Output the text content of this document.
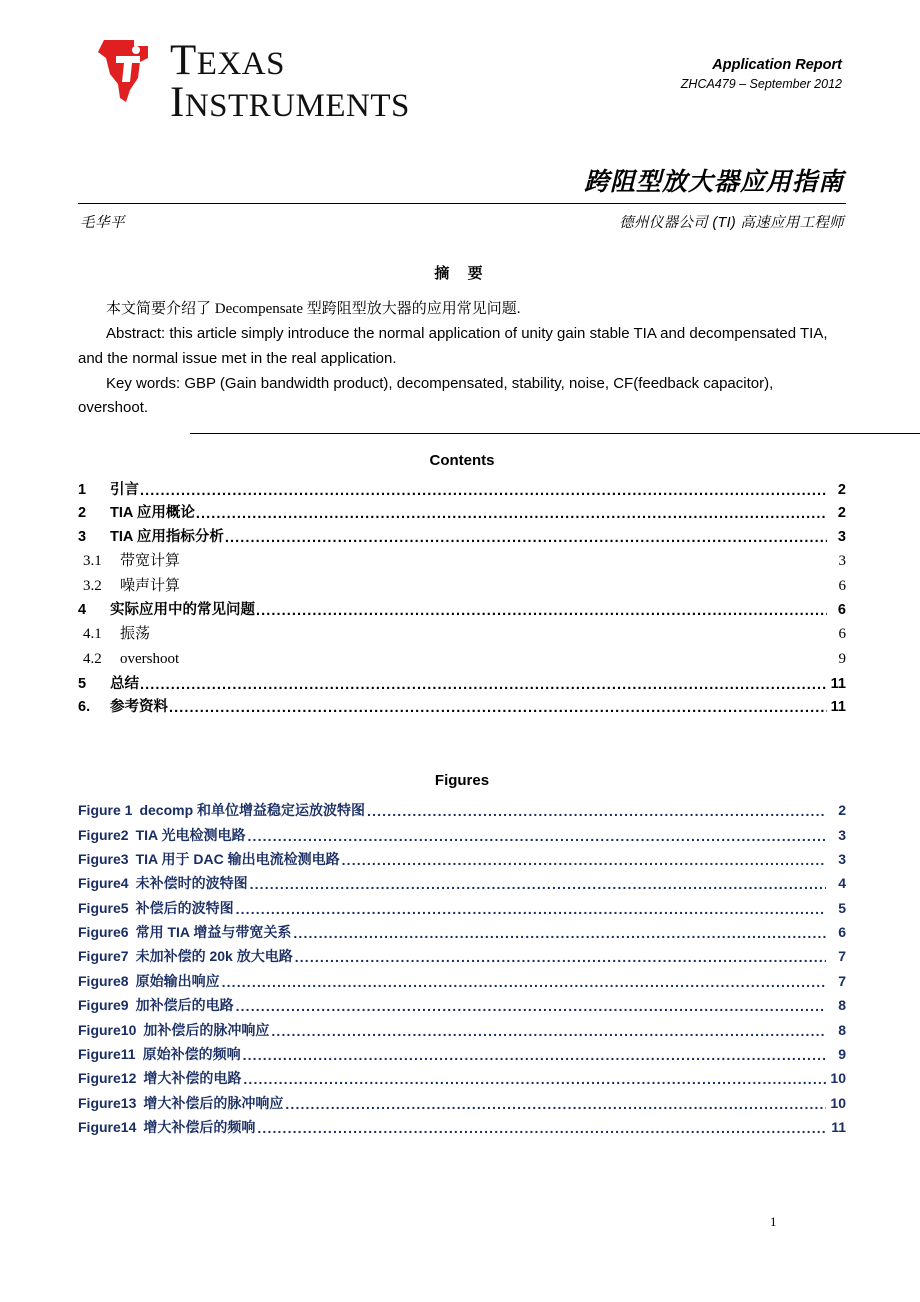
TEXAS
INSTRUMENTS
Application Report
ZHCA479 – September 2012
跨阻型放大器应用指南
毛华平	德州仪器公司 (TI) 高速应用工程师
摘 要

本文简要介绍了 Decompensate 型跨阻型放大器的应用常见问题.

Abstract: this article simply introduce the normal application of unity gain stable TIA and decompensated TIA, and the normal issue met in the real application.

Key words: GBP (Gain bandwidth product), decompensated, stability, noise, CF(feedback capacitor), overshoot.

Contents
1	引言 .....	2
2	TIA 应用概论 .....	2
3	TIA 应用指标分析 .....	3
3.1	带宽计算	3
3.2	噪声计算	6
4	实际应用中的常见问题 .....	6
4.1	振荡	6
4.2	overshoot	9
5	总结 .....	11
6.	参考资料 .....	11
Figures
Figure 1 decomp 和单位增益稳定运放波特图 .....	2
Figure2 TIA 光电检测电路 .....	3
Figure3 TIA 用于 DAC 输出电流检测电路 .....	3
Figure4 未补偿时的波特图 .....	4
Figure5 补偿后的波特图 .....	5
Figure6 常用 TIA 增益与带宽关系 .....	6
Figure7 未加补偿的 20k 放大电路 .....	7
Figure8 原始输出响应 .....	7
Figure9 加补偿后的电路 .....	8
Figure10 加补偿后的脉冲响应 .....	8
Figure11 原始补偿的频响 .....	9
Figure12 增大补偿的电路 .....	10
Figure13 增大补偿后的脉冲响应 .....	10
Figure14 增大补偿后的频响 .....	11
1
